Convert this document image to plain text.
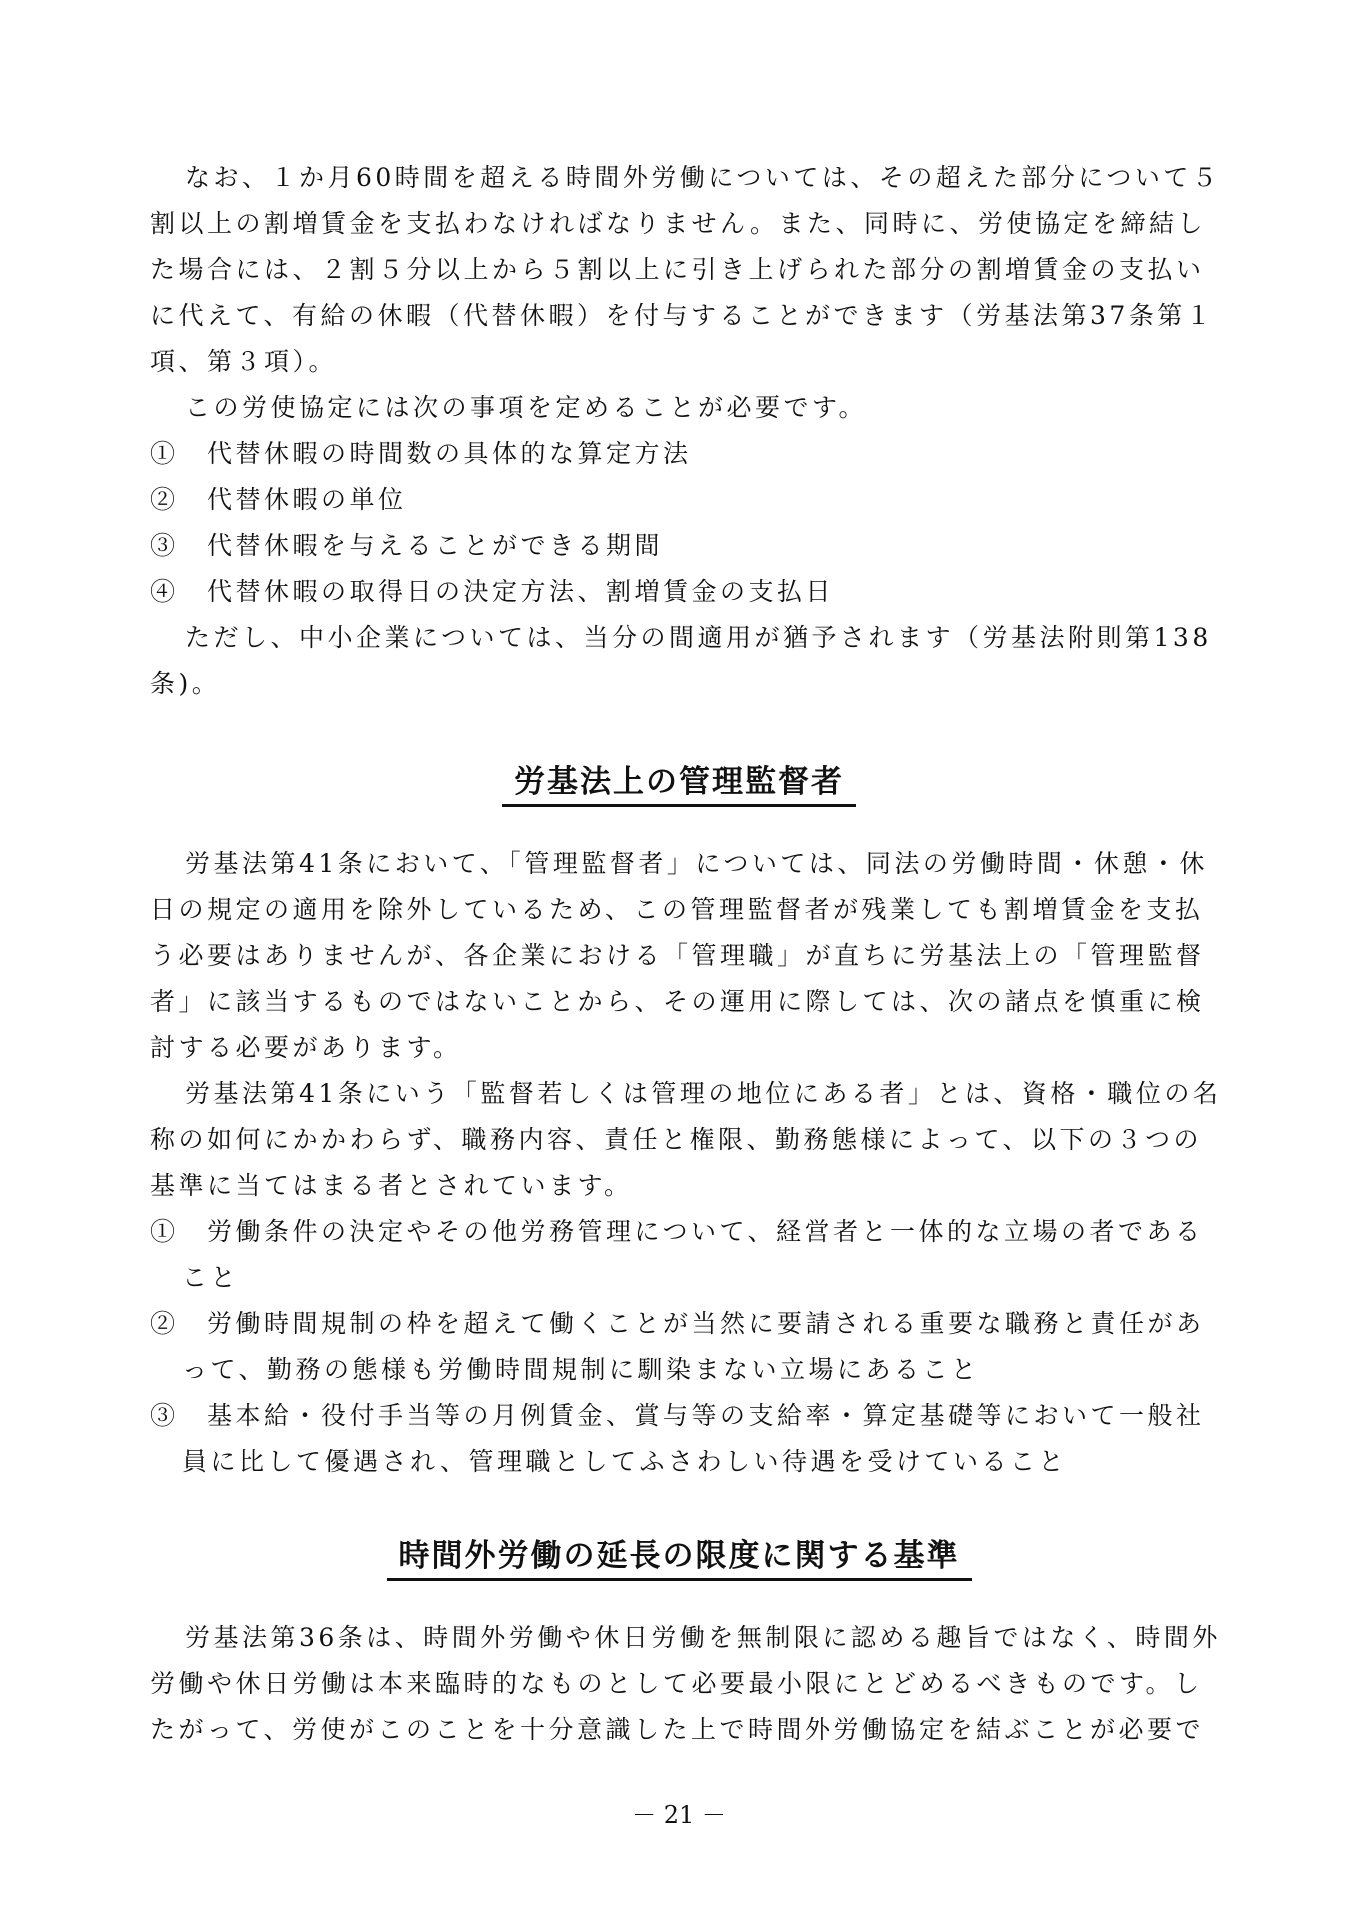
なお、１か月60時間を超える時間外労働については、その超えた部分について５
割以上の割増賃金を支払わなければなりません。また、同時に、労使協定を締結し
た場合には、２割５分以上から５割以上に引き上げられた部分の割増賃金の支払い
に代えて、有給の休暇（代替休暇）を付与することができます（労基法第37条第１
項、第３項）。
この労使協定には次の事項を定めることが必要です。
①　代替休暇の時間数の具体的な算定方法
②　代替休暇の単位
③　代替休暇を与えることができる期間
④　代替休暇の取得日の決定方法、割増賃金の支払日
ただし、中小企業については、当分の間適用が猶予されます（労基法附則第138
条)。
労基法上の管理監督者
労基法第41条において、「管理監督者」については、同法の労働時間・休憩・休
日の規定の適用を除外しているため、この管理監督者が残業しても割増賃金を支払
う必要はありませんが、各企業における「管理職」が直ちに労基法上の「管理監督
者」に該当するものではないことから、その運用に際しては、次の諸点を慎重に検
討する必要があります。
労基法第41条にいう「監督若しくは管理の地位にある者」とは、資格・職位の名
称の如何にかかわらず、職務内容、責任と権限、勤務態様によって、以下の３つの
基準に当てはまる者とされています。
①　労働条件の決定やその他労務管理について、経営者と一体的な立場の者である
こと
②　労働時間規制の枠を超えて働くことが当然に要請される重要な職務と責任があ
って、勤務の態様も労働時間規制に馴染まない立場にあること
③　基本給・役付手当等の月例賃金、賞与等の支給率・算定基礎等において一般社
員に比して優遇され、管理職としてふさわしい待遇を受けていること
時間外労働の延長の限度に関する基準
労基法第36条は、時間外労働や休日労働を無制限に認める趣旨ではなく、時間外
労働や休日労働は本来臨時的なものとして必要最小限にとどめるべきものです。し
たがって、労使がこのことを十分意識した上で時間外労働協定を結ぶことが必要で
－ 21 －
